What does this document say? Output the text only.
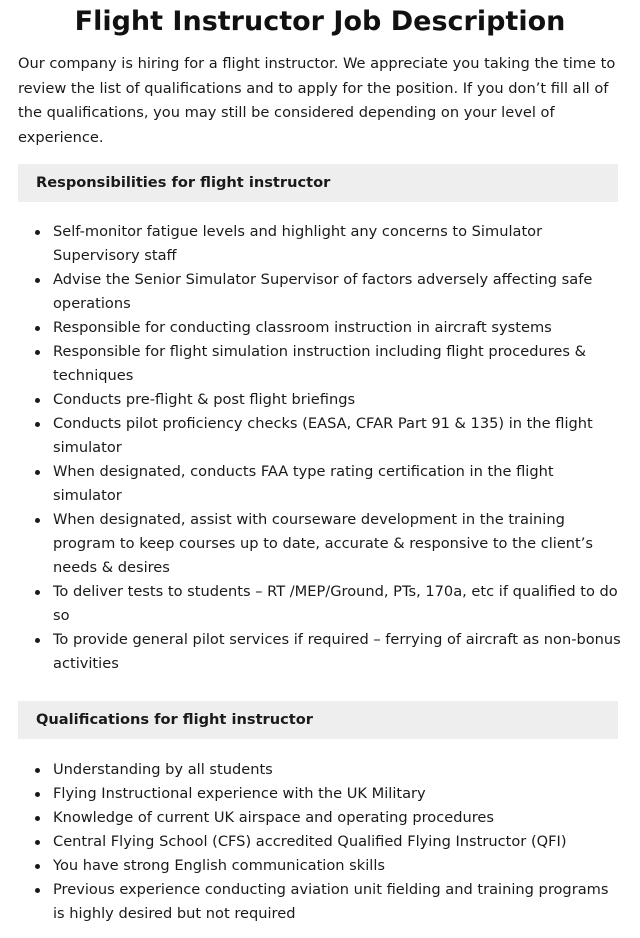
Flight Instructor Job Description

Our company is hiring for a flight instructor. We appreciate you taking the time to review the list of qualifications and to apply for the position. If you don’t fill all of the qualifications, you may still be considered depending on your level of experience.

Responsibilities for flight instructor
Self-monitor fatigue levels and highlight any concerns to Simulator Supervisory staff
Advise the Senior Simulator Supervisor of factors adversely affecting safe operations
Responsible for conducting classroom instruction in aircraft systems
Responsible for flight simulation instruction including flight procedures & techniques
Conducts pre-flight & post flight briefings
Conducts pilot proficiency checks (EASA, CFAR Part 91 & 135) in the flight simulator
When designated, conducts FAA type rating certification in the flight simulator
When designated, assist with courseware development in the training program to keep courses up to date, accurate & responsive to the client’s needs & desires
To deliver tests to students – RT /MEP/Ground, PTs, 170a, etc if qualified to do so
To provide general pilot services if required – ferrying of aircraft as non-bonus activities
Qualifications for flight instructor
Understanding by all students
Flying Instructional experience with the UK Military
Knowledge of current UK airspace and operating procedures
Central Flying School (CFS) accredited Qualified Flying Instructor (QFI)
You have strong English communication skills
Previous experience conducting aviation unit fielding and training programs is highly desired but not required
